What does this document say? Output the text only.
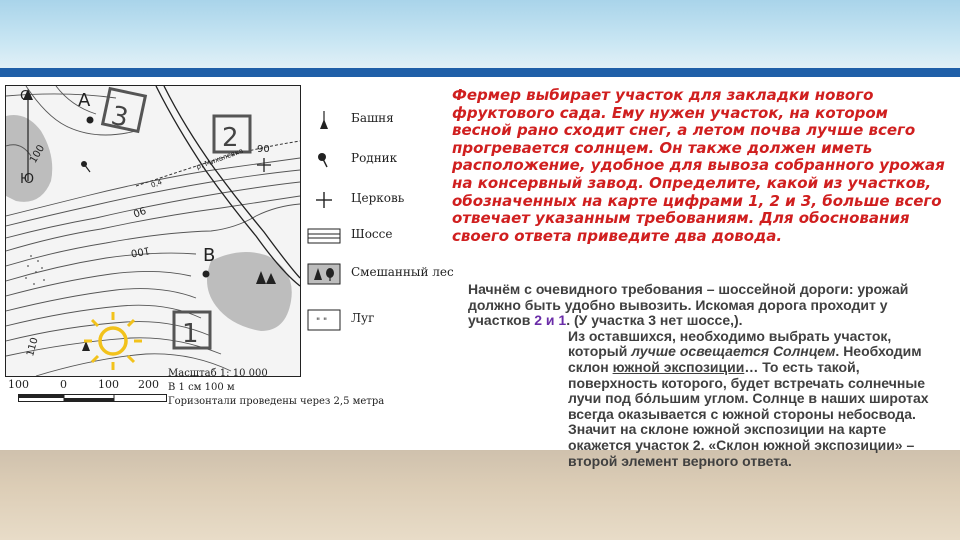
С
Ю
А
В
3
2
1
100	90
90
100
110
р. Михалевка
0,4
Башня
Родник
Церковь
Шоссе
Смешанный лес
" " Луг
100	0	100 200
Масштаб 1: 10 000
В 1 см 100 м
Горизонтали проведены через 2,5 метра
Фермер выбирает участок для закладки нового фруктового сада. Ему нужен участок, на котором весной рано сходит снег, а летом почва лучше всего прогревается солнцем. Он также должен иметь расположение, удобное для вывоза собранного урожая на консервный завод. Определите, какой из участков, обозначенных на карте цифрами 1, 2 и 3, больше всего отвечает указанным требованиям. Для обоснования своего ответа приведите два довода.

Начнём с очевидного требования – шоссейной дороги: урожай должно быть удобно вывозить. Искомая дорога проходит у участков 2 и 1. (У участка 3 нет шоссе,).

Из оставшихся, необходимо выбрать участок, который лучше освещается Солнцем. Необходим склон южной экспозиции… То есть такой, поверхность которого, будет встречать солнечные лучи под бо́льшим углом. Солнце в наших широтах всегда оказывается с южной стороны небосвода. Значит на склоне южной экспозиции на карте окажется участок 2. «Склон южной экспозиции» – второй элемент верного ответа.
